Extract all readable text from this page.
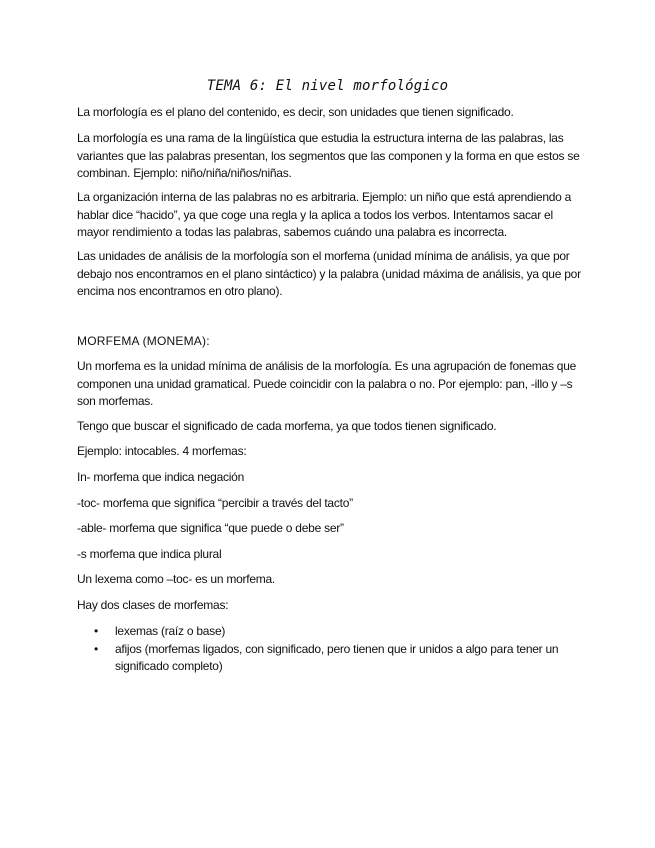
TEMA 6: El nivel morfológico

La morfología es el plano del contenido, es decir, son unidades que tienen significado.

La morfología es una rama de la lingüística que estudia la estructura interna de las palabras, las variantes que las palabras presentan, los segmentos que las componen y la forma en que estos se combinan. Ejemplo: niño/niña/niños/niñas.

La organización interna de las palabras no es arbitraria. Ejemplo: un niño que está aprendiendo a hablar dice “hacido”, ya que coge una regla y la aplica a todos los verbos. Intentamos sacar el mayor rendimiento a todas las palabras, sabemos cuándo una palabra es incorrecta.

Las unidades de análisis de la morfología son el morfema (unidad mínima de análisis, ya que por debajo nos encontramos en el plano sintáctico) y la palabra (unidad máxima de análisis, ya que por encima nos encontramos en otro plano).

MORFEMA (MONEMA):

Un morfema es la unidad mínima de análisis de la morfología. Es una agrupación de fonemas que componen una unidad gramatical. Puede coincidir con la palabra o no. Por ejemplo: pan, -illo y –s son morfemas.

Tengo que buscar el significado de cada morfema, ya que todos tienen significado.

Ejemplo: intocables. 4 morfemas:

In- morfema que indica negación

-toc- morfema que significa “percibir a través del tacto”

-able- morfema que significa “que puede o debe ser”

-s morfema que indica plural

Un lexema como –toc- es un morfema.

Hay dos clases de morfemas:

• lexemas (raíz o base)
• afijos (morfemas ligados, con significado, pero tienen que ir unidos a algo para tener un significado completo)
